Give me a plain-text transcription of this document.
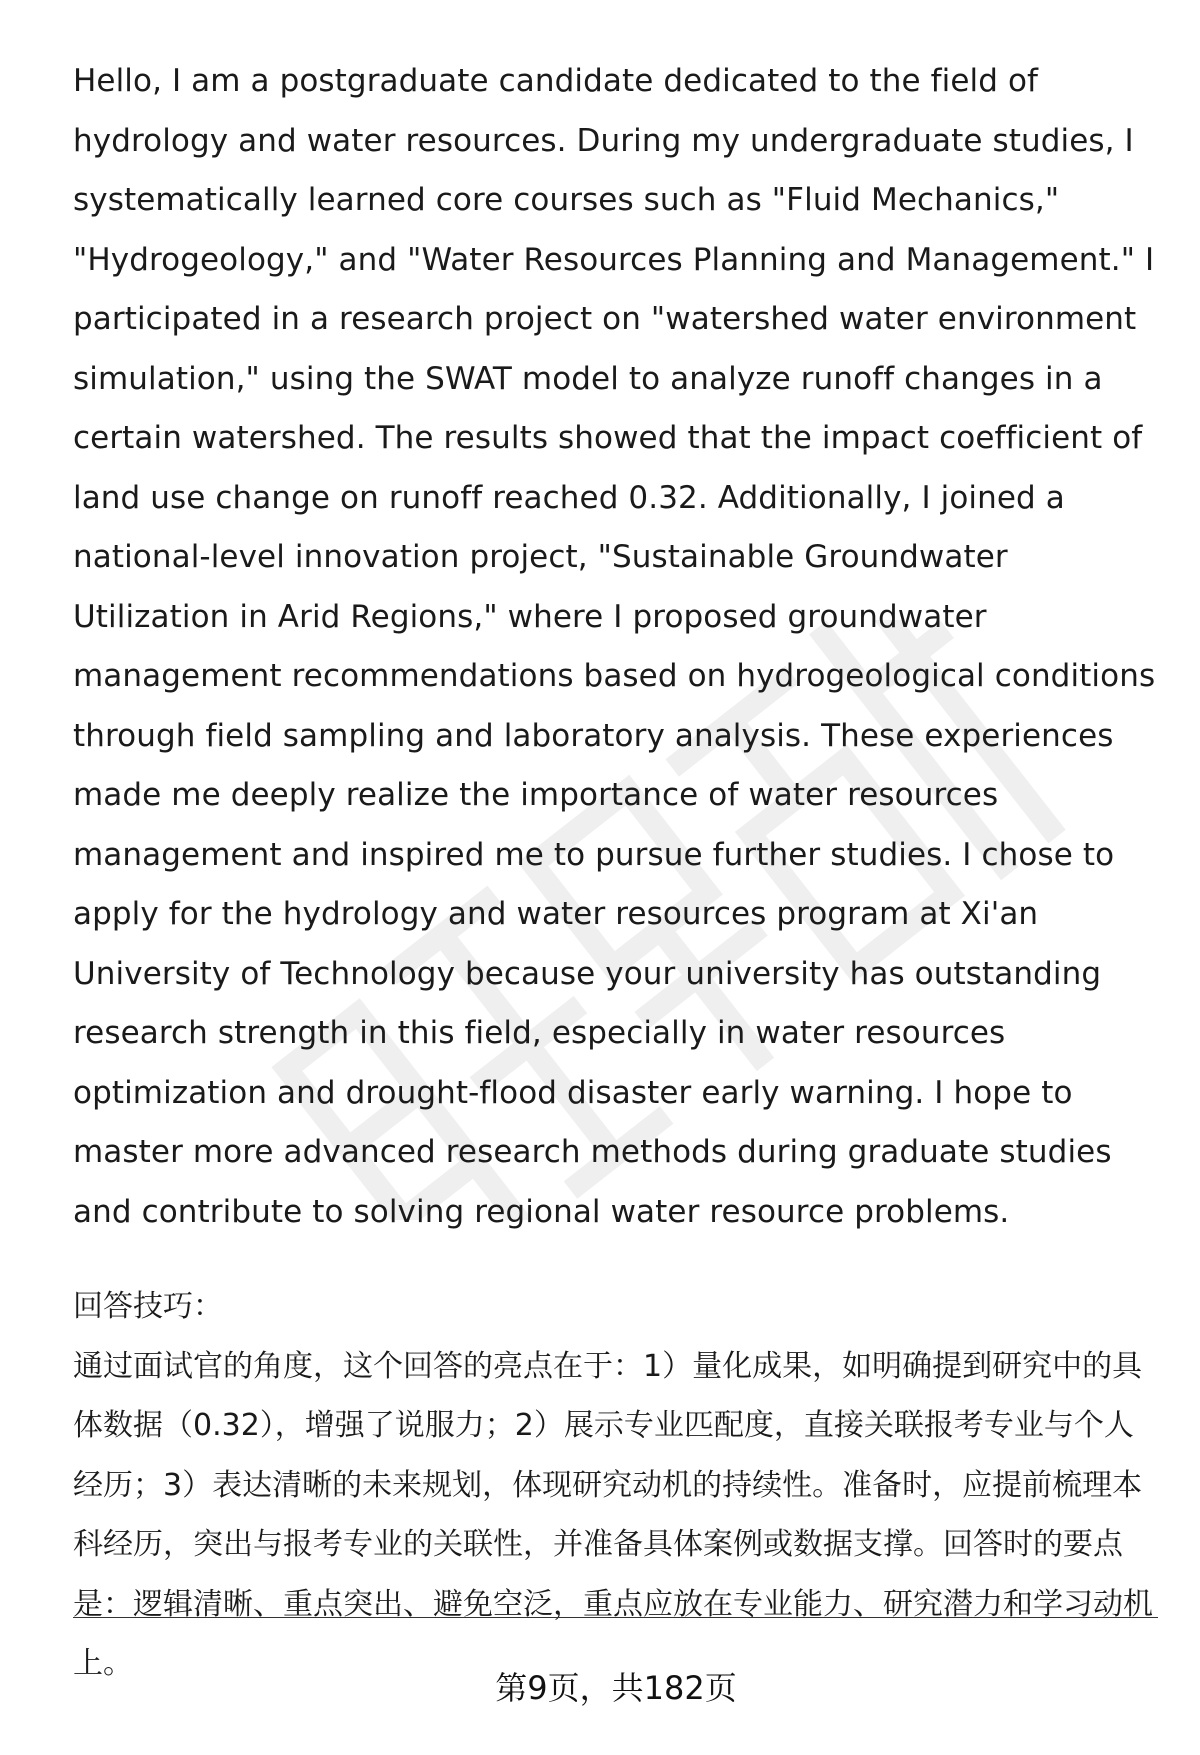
Hello, I am a postgraduate candidate dedicated to the field of hydrology and water resources. During my undergraduate studies, I systematically learned core courses such as "Fluid Mechanics," "Hydrogeology," and "Water Resources Planning and Management." I participated in a research project on "watershed water environment simulation," using the SWAT model to analyze runoff changes in a certain watershed. The results showed that the impact coefficient of land use change on runoff reached 0.32. Additionally, I joined a national-level innovation project, "Sustainable Groundwater Utilization in Arid Regions," where I proposed groundwater management recommendations based on hydrogeological conditions through field sampling and laboratory analysis. These experiences made me deeply realize the importance of water resources management and inspired me to pursue further studies. I chose to apply for the hydrology and water resources program at Xi'an University of Technology because your university has outstanding research strength in this field, especially in water resources optimization and drought-flood disaster early warning. I hope to master more advanced research methods during graduate studies and contribute to solving regional water resource problems.

回答技巧：

通过面试官的角度，这个回答的亮点在于：1）量化成果，如明确提到研究中的具体数据（0.32），增强了说服力；2）展示专业匹配度，直接关联报考专业与个人经历；3）表达清晰的未来规划，体现研究动机的持续性。准备时，应提前梳理本科经历，突出与报考专业的关联性，并准备具体案例或数据支撑。回答时的要点是：逻辑清晰、重点突出、避免空泛，重点应放在专业能力、研究潜力和学习动机上。

第9页，共182页
